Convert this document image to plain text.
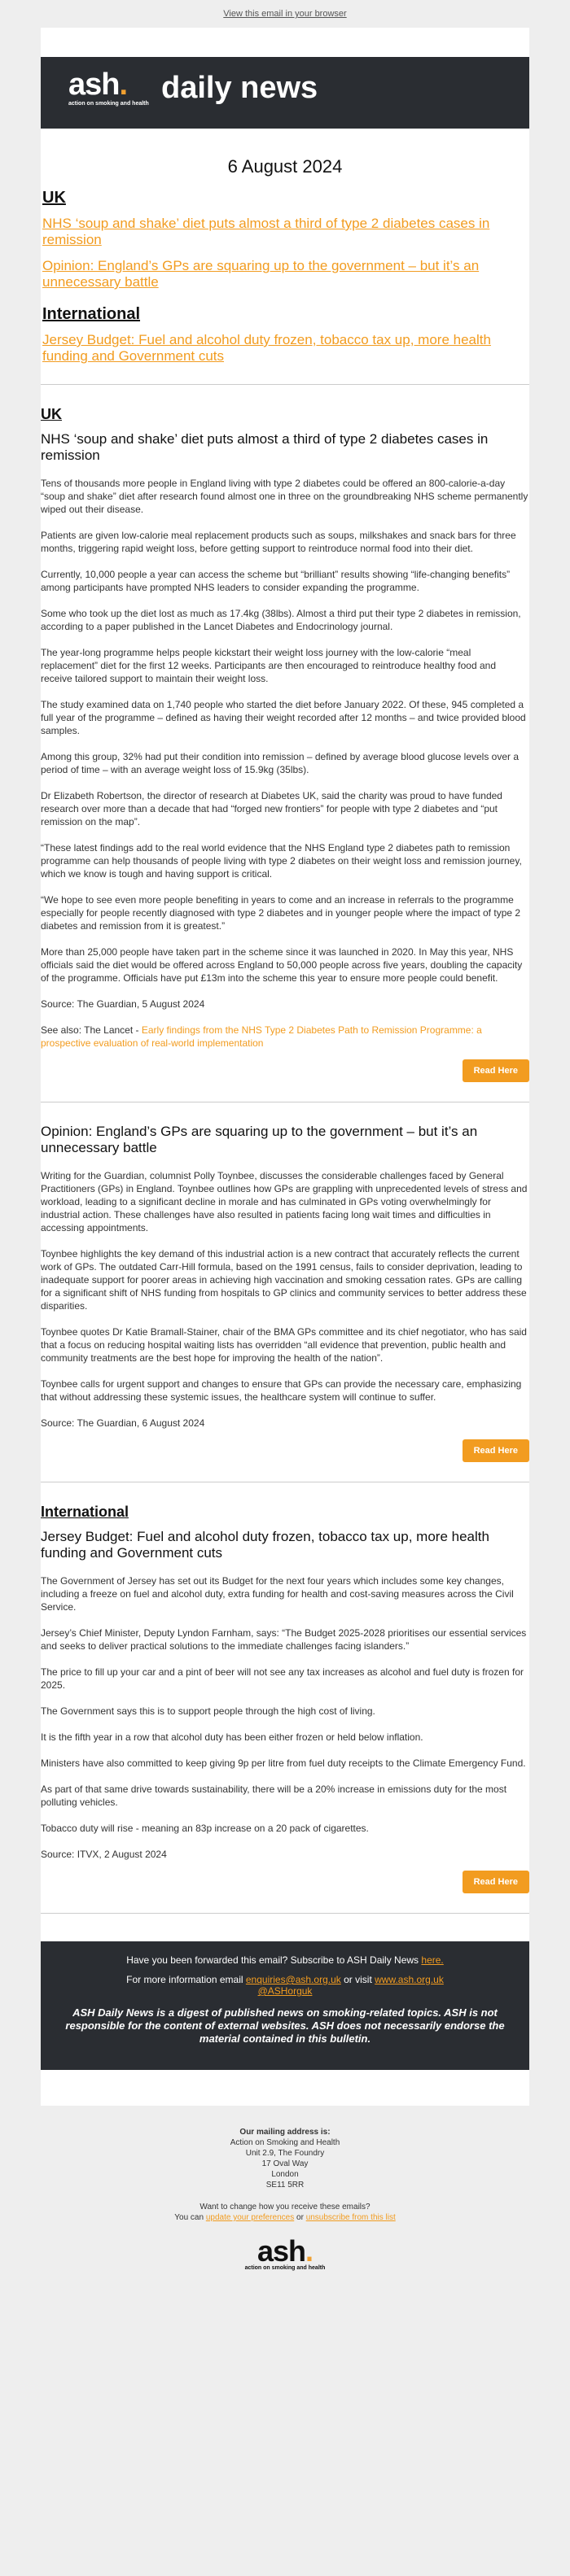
View this email in your browser
ash.
action on smoking and health daily news
6 August 2024
UK
NHS ‘soup and shake’ diet puts almost a third of type 2 diabetes cases in remission
Opinion: England’s GPs are squaring up to the government – but it’s an unnecessary battle
International
Jersey Budget: Fuel and alcohol duty frozen, tobacco tax up, more health funding and Government cuts
UK
NHS ‘soup and shake’ diet puts almost a third of type 2 diabetes cases in remission

Tens of thousands more people in England living with type 2 diabetes could be offered an 800-calorie-a-day “soup and shake” diet after research found almost one in three on the groundbreaking NHS scheme permanently wiped out their disease.

Patients are given low-calorie meal replacement products such as soups, milkshakes and snack bars for three months, triggering rapid weight loss, before getting support to reintroduce normal food into their diet.

Currently, 10,000 people a year can access the scheme but “brilliant” results showing “life-changing benefits” among participants have prompted NHS leaders to consider expanding the programme.

Some who took up the diet lost as much as 17.4kg (38lbs). Almost a third put their type 2 diabetes in remission, according to a paper published in the Lancet Diabetes and Endocrinology journal.

The year-long programme helps people kickstart their weight loss journey with the low-calorie “meal replacement” diet for the first 12 weeks. Participants are then encouraged to reintroduce healthy food and receive tailored support to maintain their weight loss.

The study examined data on 1,740 people who started the diet before January 2022. Of these, 945 completed a full year of the programme – defined as having their weight recorded after 12 months – and twice provided blood samples.

Among this group, 32% had put their condition into remission – defined by average blood glucose levels over a period of time – with an average weight loss of 15.9kg (35lbs).

Dr Elizabeth Robertson, the director of research at Diabetes UK, said the charity was proud to have funded research over more than a decade that had “forged new frontiers” for people with type 2 diabetes and “put remission on the map”.

“These latest findings add to the real world evidence that the NHS England type 2 diabetes path to remission programme can help thousands of people living with type 2 diabetes on their weight loss and remission journey, which we know is tough and having support is critical.

“We hope to see even more people benefiting in years to come and an increase in referrals to the programme especially for people recently diagnosed with type 2 diabetes and in younger people where the impact of type 2 diabetes and remission from it is greatest.”

More than 25,000 people have taken part in the scheme since it was launched in 2020. In May this year, NHS officials said the diet would be offered across England to 50,000 people across five years, doubling the capacity of the programme. Officials have put £13m into the scheme this year to ensure more people could benefit.

Source: The Guardian, 5 August 2024

See also: The Lancet - Early findings from the NHS Type 2 Diabetes Path to Remission Programme: a prospective evaluation of real-world implementation

Read Here
Opinion: England’s GPs are squaring up to the government – but it’s an unnecessary battle

Writing for the Guardian, columnist Polly Toynbee, discusses the considerable challenges faced by General Practitioners (GPs) in England. Toynbee outlines how GPs are grappling with unprecedented levels of stress and workload, leading to a significant decline in morale and has culminated in GPs voting overwhelmingly for industrial action. These challenges have also resulted in patients facing long wait times and difficulties in accessing appointments.

Toynbee highlights the key demand of this industrial action is a new contract that accurately reflects the current work of GPs. The outdated Carr-Hill formula, based on the 1991 census, fails to consider deprivation, leading to inadequate support for poorer areas in achieving high vaccination and smoking cessation rates. GPs are calling for a significant shift of NHS funding from hospitals to GP clinics and community services to better address these disparities.

Toynbee quotes Dr Katie Bramall-Stainer, chair of the BMA GPs committee and its chief negotiator, who has said that a focus on reducing hospital waiting lists has overridden “all evidence that prevention, public health and community treatments are the best hope for improving the health of the nation”.

Toynbee calls for urgent support and changes to ensure that GPs can provide the necessary care, emphasizing that without addressing these systemic issues, the healthcare system will continue to suffer.

Source: The Guardian, 6 August 2024

Read Here
International
Jersey Budget: Fuel and alcohol duty frozen, tobacco tax up, more health funding and Government cuts

The Government of Jersey has set out its Budget for the next four years which includes some key changes, including a freeze on fuel and alcohol duty, extra funding for health and cost-saving measures across the Civil Service.

Jersey’s Chief Minister, Deputy Lyndon Farnham, says: “The Budget 2025-2028 prioritises our essential services and seeks to deliver practical solutions to the immediate challenges facing islanders.”

The price to fill up your car and a pint of beer will not see any tax increases as alcohol and fuel duty is frozen for 2025.

The Government says this is to support people through the high cost of living.

It is the fifth year in a row that alcohol duty has been either frozen or held below inflation.

Ministers have also committed to keep giving 9p per litre from fuel duty receipts to the Climate Emergency Fund.

As part of that same drive towards sustainability, there will be a 20% increase in emissions duty for the most polluting vehicles.

Tobacco duty will rise - meaning an 83p increase on a 20 pack of cigarettes.

Source: ITVX, 2 August 2024

Read Here

Have you been forwarded this email? Subscribe to ASH Daily News here.

For more information email enquiries@ash.org.uk or visit www.ash.org.uk

@ASHorguk

ASH Daily News is a digest of published news on smoking-related topics. ASH is not responsible for the content of external websites. ASH does not necessarily endorse the material contained in this bulletin.

Our mailing address is:
Action on Smoking and Health
Unit 2.9, The Foundry
17 Oval Way
London
SE11 5RR
Want to change how you receive these emails?
You can update your preferences or unsubscribe from this list
ash.
action on smoking and health
